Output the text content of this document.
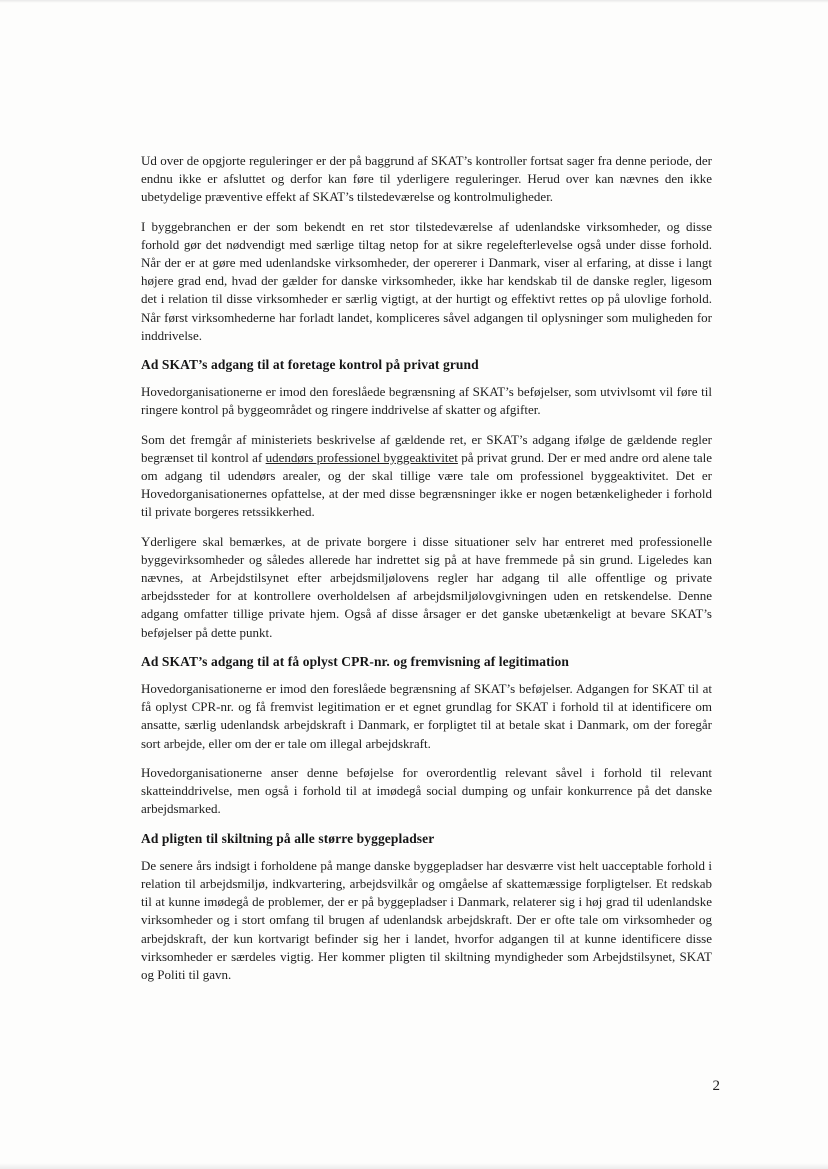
Ud over de opgjorte reguleringer er der på baggrund af SKAT’s kontroller fortsat sager fra denne periode, der endnu ikke er afsluttet og derfor kan føre til yderligere reguleringer. Herud over kan nævnes den ikke ubetydelige præventive effekt af SKAT’s tilstedeværelse og kontrolmuligheder.

I byggebranchen er der som bekendt en ret stor tilstedeværelse af udenlandske virksomheder, og disse forhold gør det nødvendigt med særlige tiltag netop for at sikre regelefterlevelse også under disse forhold. Når der er at gøre med udenlandske virksomheder, der opererer i Danmark, viser al erfaring, at disse i langt højere grad end, hvad der gælder for danske virksomheder, ikke har kendskab til de danske regler, ligesom det i relation til disse virksomheder er særlig vigtigt, at der hurtigt og effektivt rettes op på ulovlige forhold. Når først virksomhederne har forladt landet, kompliceres såvel adgangen til oplysninger som muligheden for inddrivelse.

Ad SKAT’s adgang til at foretage kontrol på privat grund

Hovedorganisationerne er imod den foreslåede begrænsning af SKAT’s beføjelser, som utvivlsomt vil føre til ringere kontrol på byggeområdet og ringere inddrivelse af skatter og afgifter.

Som det fremgår af ministeriets beskrivelse af gældende ret, er SKAT’s adgang ifølge de gældende regler begrænset til kontrol af udendørs professionel byggeaktivitet på privat grund. Der er med andre ord alene tale om adgang til udendørs arealer, og der skal tillige være tale om professionel byggeaktivitet. Det er Hovedorganisationernes opfattelse, at der med disse begrænsninger ikke er nogen betænkeligheder i forhold til private borgeres retssikkerhed.

Yderligere skal bemærkes, at de private borgere i disse situationer selv har entreret med professionelle byggevirksomheder og således allerede har indrettet sig på at have fremmede på sin grund. Ligeledes kan nævnes, at Arbejdstilsynet efter arbejdsmiljølovens regler har adgang til alle offentlige og private arbejdssteder for at kontrollere overholdelsen af arbejdsmiljølovgivningen uden en retskendelse. Denne adgang omfatter tillige private hjem. Også af disse årsager er det ganske ubetænkeligt at bevare SKAT’s beføjelser på dette punkt.

Ad SKAT’s adgang til at få oplyst CPR-nr. og fremvisning af legitimation

Hovedorganisationerne er imod den foreslåede begrænsning af SKAT’s beføjelser. Adgangen for SKAT til at få oplyst CPR-nr. og få fremvist legitimation er et egnet grundlag for SKAT i forhold til at identificere om ansatte, særlig udenlandsk arbejdskraft i Danmark, er forpligtet til at betale skat i Danmark, om der foregår sort arbejde, eller om der er tale om illegal arbejdskraft.

Hovedorganisationerne anser denne beføjelse for overordentlig relevant såvel i forhold til relevant skatteinddrivelse, men også i forhold til at imødegå social dumping og unfair konkurrence på det danske arbejdsmarked.

Ad pligten til skiltning på alle større byggepladser

De senere års indsigt i forholdene på mange danske byggepladser har desværre vist helt uacceptable forhold i relation til arbejdsmiljø, indkvartering, arbejdsvilkår og omgåelse af skattemæssige forpligtelser. Et redskab til at kunne imødegå de problemer, der er på byggepladser i Danmark, relaterer sig i høj grad til udenlandske virksomheder og i stort omfang til brugen af udenlandsk arbejdskraft. Der er ofte tale om virksomheder og arbejdskraft, der kun kortvarigt befinder sig her i landet, hvorfor adgangen til at kunne identificere disse virksomheder er særdeles vigtig. Her kommer pligten til skiltning myndigheder som Arbejdstilsynet, SKAT og Politi til gavn.

2
